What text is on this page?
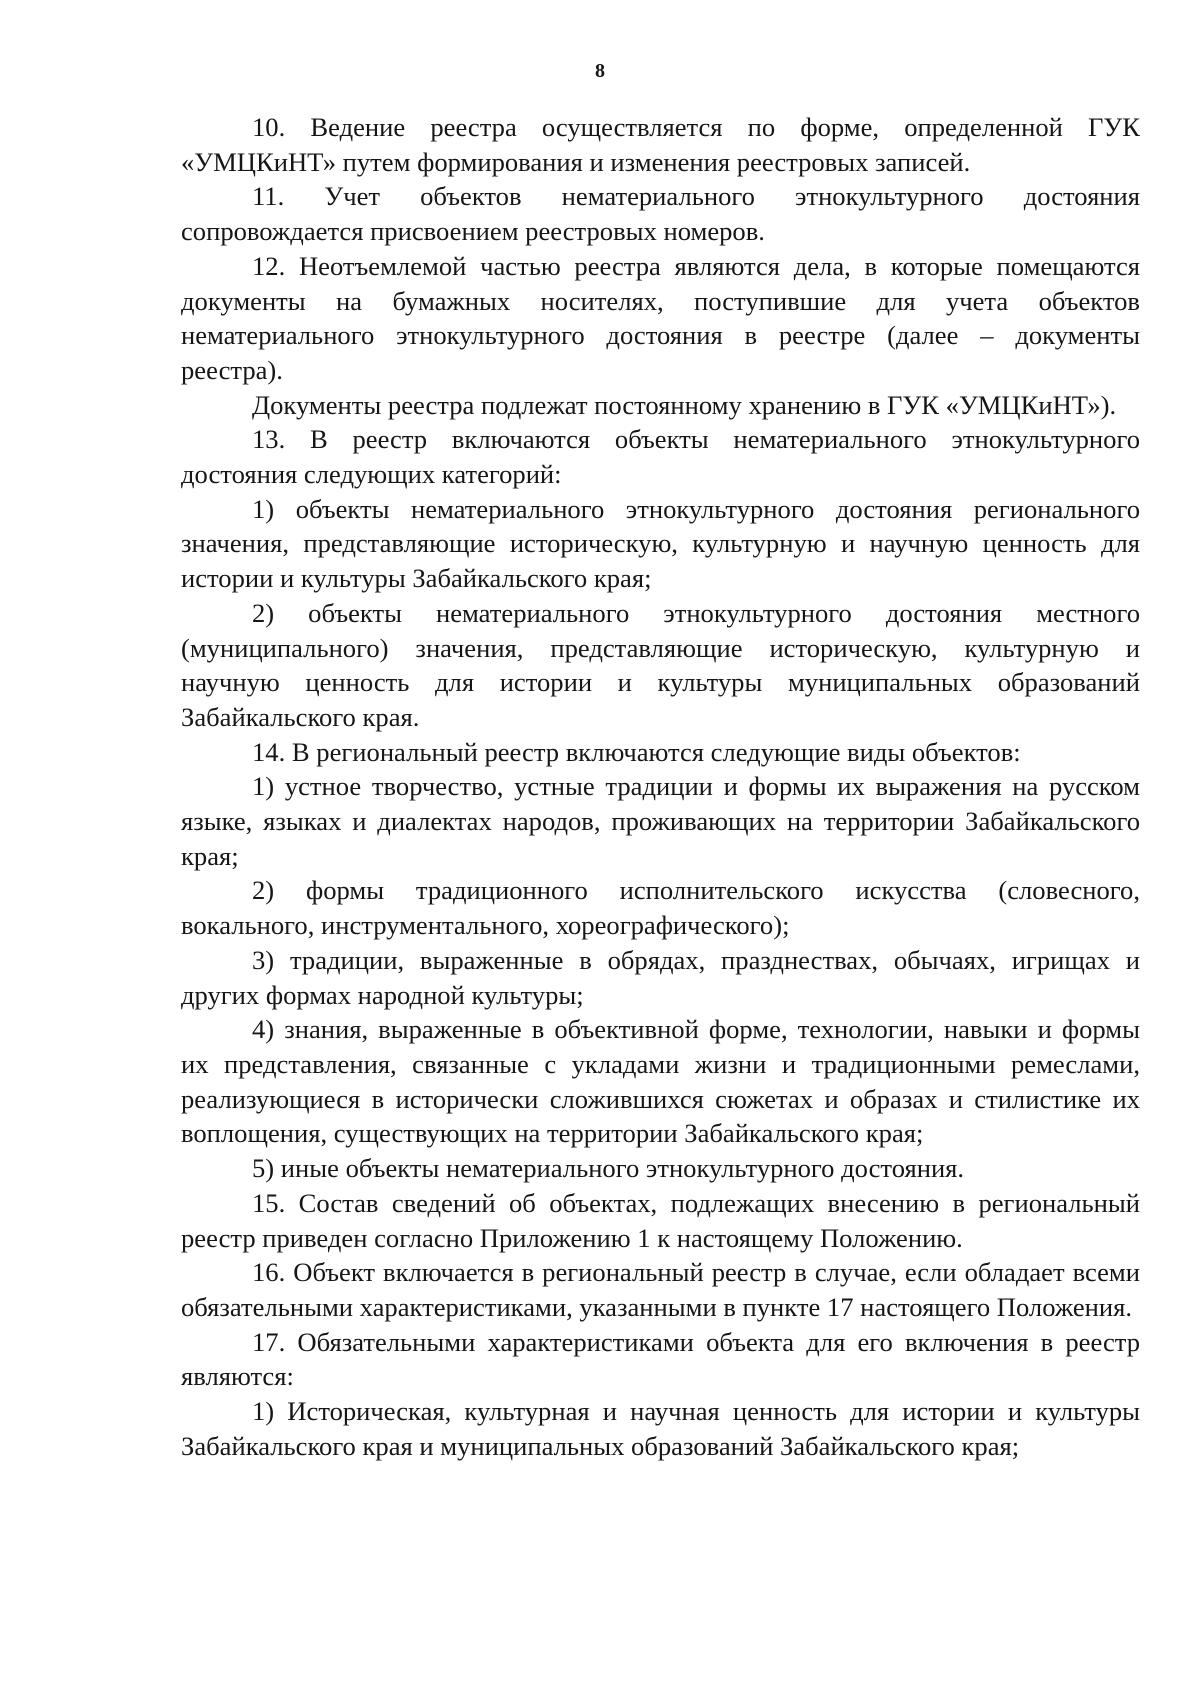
8

10. Ведение реестра осуществляется по форме, определенной ГУК «УМЦКиНТ» путем формирования и изменения реестровых записей.

11. Учет объектов нематериального этнокультурного достояния сопровождается присвоением реестровых номеров.

12. Неотъемлемой частью реестра являются дела, в которые помещаются документы на бумажных носителях, поступившие для учета объектов нематериального этнокультурного достояния в реестре (далее – документы реестра).

Документы реестра подлежат постоянному хранению в ГУК «УМЦКиНТ»).

13. В реестр включаются объекты нематериального этнокультурного достояния следующих категорий:

1) объекты нематериального этнокультурного достояния регионального значения, представляющие историческую, культурную и научную ценность для истории и культуры Забайкальского края;

2) объекты нематериального этнокультурного достояния местного (муниципального) значения, представляющие историческую, культурную и научную ценность для истории и культуры муниципальных образований Забайкальского края.

14. В региональный реестр включаются следующие виды объектов:

1) устное творчество, устные традиции и формы их выражения на русском языке, языках и диалектах народов, проживающих на территории Забайкальского края;

2) формы традиционного исполнительского искусства (словесного, вокального, инструментального, хореографического);

3) традиции, выраженные в обрядах, празднествах, обычаях, игрищах и других формах народной культуры;

4) знания, выраженные в объективной форме, технологии, навыки и формы их представления, связанные с укладами жизни и традиционными ремеслами, реализующиеся в исторически сложившихся сюжетах и образах и стилистике их воплощения, существующих на территории Забайкальского края;

5) иные объекты нематериального этнокультурного достояния.

15. Состав сведений об объектах, подлежащих внесению в региональный реестр приведен согласно Приложению 1 к настоящему Положению.

16. Объект включается в региональный реестр в случае, если обладает всеми обязательными характеристиками, указанными в пункте 17 настоящего Положения.

17. Обязательными характеристиками объекта для его включения в реестр являются:

1) Историческая, культурная и научная ценность для истории и культуры Забайкальского края и муниципальных образований Забайкальского края;
